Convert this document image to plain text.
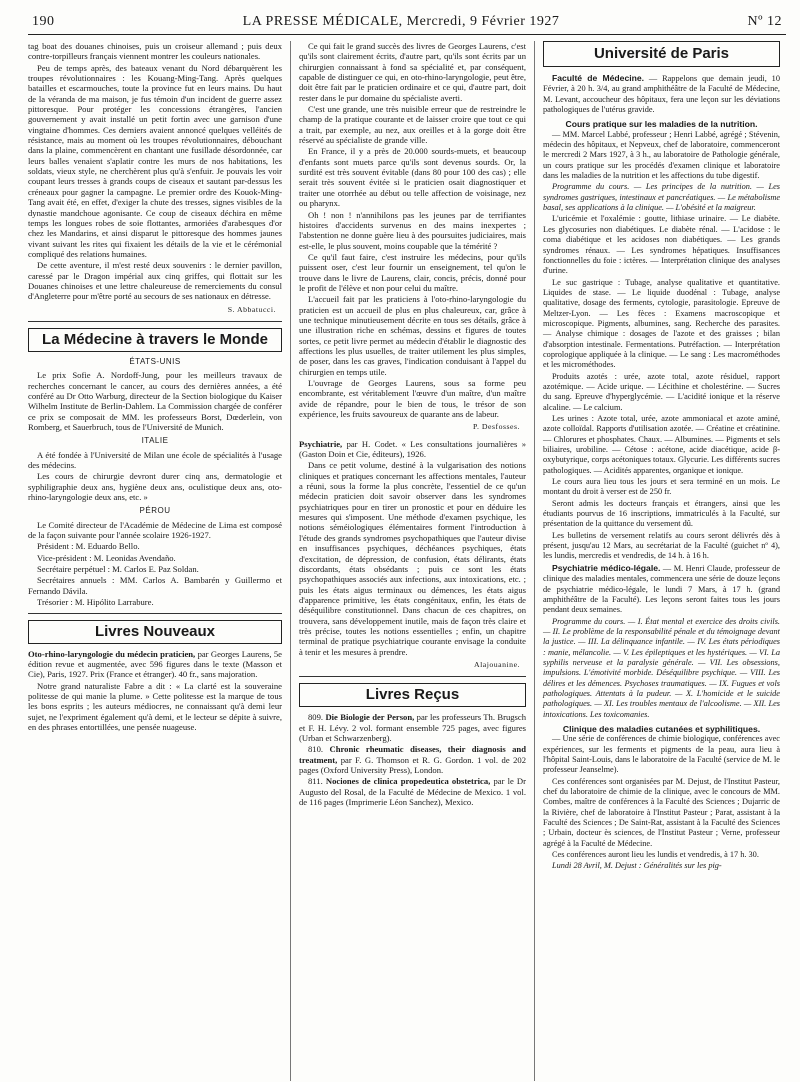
190	LA PRESSE MÉDICALE, Mercredi, 9 Février 1927	Nº 12

tag boat des douanes chinoises, puis un croiseur allemand ; puis deux contre-torpilleurs français viennent montrer les couleurs nationales.

Peu de temps après, des bateaux venant du Nord débarquèrent les troupes révolutionnaires : les Kouang-Ming-Tang. Après quelques batailles et escarmouches, toute la province fut en leurs mains. Du haut de la véranda de ma maison, je fus témoin d'un incident de guerre assez pittoresque. Pour protéger les concessions étrangères, l'ancien gouvernement y avait installé un petit fortin avec une garnison d'une vingtaine d'hommes. Ces derniers avaient annoncé quelques velléités de résistance, mais au moment où les troupes révolutionnaires, débouchant dans la plaine, commencèrent en chantant une fusillade désordonnée, car leurs balles venaient s'aplatir contre les murs de nos habitations, les soldats, vieux style, ne cherchèrent plus qu'à s'enfuir. Je pouvais les voir coupant leurs tresses à grands coups de ciseaux et sautant par-dessus les créneaux pour gagner la campagne. Le premier ordre des Kouok-Ming-Tang avait été, en effet, d'exiger la chute des tresses, signes visibles de la dynastie mandchoue agonisante. Ce coup de ciseaux déchira en même temps les longues robes de soie flottantes, armoriées d'arabesques d'or chez les Mandarins, et ainsi disparut le pittoresque des hommes jaunes vivant suivant les rites qui fixaient les détails de la vie et le cérémonial compliqué des relations humaines.

De cette aventure, il m'est resté deux souvenirs : le dernier pavillon, caressé par le Dragon impérial aux cinq griffes, qui flottait sur les Douanes chinoises et une lettre chaleureuse de remerciements du consul d'Angleterre pour m'être porté au secours de ses nationaux en détresse.

S. Abbatucci.
La Médecine à travers le Monde
ÉTATS-UNIS

Le prix Sofie A. Nordoff-Jung, pour les meilleurs travaux de recherches concernant le cancer, au cours des dernières années, a été conféré au Dr Otto Warburg, directeur de la Section biologique du Kaiser Wilhelm Institute de Berlin-Dahlem. La Commission chargée de conférer ce prix se composait de MM. les professeurs Borst, Dœderlein, von Romberg, et Sauerbruch, tous de l'Université de Munich.

ITALIE

A été fondée à l'Université de Milan une école de spécialités à l'usage des médecins.

Les cours de chirurgie devront durer cinq ans, dermatologie et syphiligraphie deux ans, hygiène deux ans, oculistique deux ans, oto-rhino-laryngologie deux ans, etc. »

PÉROU

Le Comité directeur de l'Académie de Médecine de Lima est composé de la façon suivante pour l'année scolaire 1926-1927.

Président : M. Eduardo Bello.

Vice-président : M. Leonidas Avendaño.

Secrétaire perpétuel : M. Carlos E. Paz Soldan.

Secrétaires annuels : MM. Carlos A. Bambarén y Guillermo et Fernando Dávila.

Trésorier : M. Hipólito Larrabure.

Livres Nouveaux

Oto-rhino-laryngologie du médecin praticien, par Georges Laurens, 5e édition revue et augmentée, avec 596 figures dans le texte (Masson et Cie), Paris, 1927. Prix (France et étranger). 40 fr., sans majoration.

Notre grand naturaliste Fabre a dit : « La clarté est la souveraine politesse de qui manie la plume. » Cette politesse est la marque de tous les bons esprits ; les auteurs médiocres, ne connaissant qu'à demi leur sujet, ne l'expriment également qu'à demi, et le lecteur se dépite à suivre, en des phrases entortillées, une pensée nuageuse.

Ce qui fait le grand succès des livres de Georges Laurens, c'est qu'ils sont clairement écrits, d'autre part, qu'ils sont écrits par un chirurgien connaissant à fond sa spécialité et, par conséquent, capable de distinguer ce qui, en oto-rhino-laryngologie, peut être, doit être fait par le praticien ordinaire et ce qui, d'autre part, doit rester dans le pur domaine du spécialiste averti.

C'est une grande, une très nuisible erreur que de restreindre le champ de la pratique courante et de laisser croire que tout ce qui a trait, par exemple, au nez, aux oreilles et à la gorge doit être réservé au spécialiste de grande ville.

En France, il y a près de 20.000 sourds-muets, et beaucoup d'enfants sont muets parce qu'ils sont devenus sourds. Or, la surdité est très souvent évitable (dans 80 pour 100 des cas) ; elle serait très souvent évitée si le praticien osait diagnostiquer et traiter une otorrhée au début ou telle affection de voisinage, nez ou pharynx.

Oh ! non ! n'annihilons pas les jeunes par de terrifiantes histoires d'accidents survenus en des mains inexpertes ; l'abstention ne donne guère lieu à des poursuites judiciaires, mais est-elle, le plus souvent, moins coupable que la témérité ?

Ce qu'il faut faire, c'est instruire les médecins, pour qu'ils puissent oser, c'est leur fournir un enseignement, tel qu'on le trouve dans le livre de Laurens, clair, concis, précis, donné pour le profit de l'élève et non pour celui du maître.

L'accueil fait par les praticiens à l'oto-rhino-laryngologie du praticien est un accueil de plus en plus chaleureux, car, grâce à une technique minutieusement décrite en tous ses détails, grâce à une illustration riche en schémas, dessins et figures de toutes sortes, ce petit livre permet au médecin d'établir le diagnostic des affections les plus usuelles, de traiter utilement les plus simples, de poser, dans les cas graves, l'indication conduisant à l'appel du chirurgien en temps utile.

L'ouvrage de Georges Laurens, sous sa forme peu encombrante, est véritablement l'œuvre d'un maître, d'un maître avide de répandre, pour le bien de tous, le trésor de son expérience, les fruits savoureux de quarante ans de labeur.

P. Desfosses.

Psychiatrie, par H. Codet. « Les consultations journalières » (Gaston Doin et Cie, éditeurs), 1926.

Dans ce petit volume, destiné à la vulgarisation des notions cliniques et pratiques concernant les affections mentales, l'auteur a réuni, sous la forme la plus concrète, l'essentiel de ce qu'un médecin praticien doit savoir observer dans les syndromes psychiatriques pour en tirer un pronostic et pour en déduire les mesures qui s'imposent. Une méthode d'examen psychique, les notions séméiologiques élémentaires forment l'introduction à l'étude des grands syndromes psychopathiques que l'auteur divise en insuffisances psychiques, déchéances psychiques, états d'excitation, de dépression, de confusion, états délirants, états discordants, états obsédants ; puis ce sont les états psychopathiques associés aux infections, aux intoxications, etc. ; puis les états aigus terminaux ou démences, les états aigus d'apparence primitive, les états congénitaux, enfin, les états de déséquilibre constitutionnel. Dans chacun de ces chapitres, on trouvera, sans développement inutile, mais de façon très claire et très précise, toutes les notions essentielles ; enfin, un chapitre terminal de pratique psychiatrique courante envisage la conduite à tenir et les mesures à prendre.

Alajouanine.
Livres Reçus

809. Die Biologie der Person, par les professeurs Th. Brugsch et F. H. Lévy. 2 vol. formant ensemble 725 pages, avec figures (Urban et Schwarzenberg).

810. Chronic rheumatic diseases, their diagnosis and treatment, par F. G. Thomson et R. G. Gordon. 1 vol. de 202 pages (Oxford University Press), London.

811. Nociones de clinica propedeutica obstetrica, par le Dr Augusto del Rosal, de la Faculté de Médecine de Mexico. 1 vol. de 116 pages (Imprimerie Léon Sanchez), Mexico.

Université de Paris

Faculté de Médecine. — Rappelons que demain jeudi, 10 Février, à 20 h. 3/4, au grand amphithéâtre de la Faculté de Médecine, M. Levant, accoucheur des hôpitaux, fera une leçon sur les déviations pathologiques de l'utérus gravide.

Cours pratique sur les maladies de la nutrition.

— MM. Marcel Labbé, professeur ; Henri Labbé, agrégé ; Stévenin, médecin des hôpitaux, et Nepveux, chef de laboratoire, commenceront le mercredi 2 Mars 1927, à 3 h., au laboratoire de Pathologie générale, un cours pratique sur les procédés d'examen clinique et laboratoire dans les maladies de la nutrition et les affections du tube digestif.

Programme du cours. — Les principes de la nutrition. — Les syndromes gastriques, intestinaux et pancréatiques. — Le métabolisme basal, ses applications à la clinique. — L'obésité et la maigreur.

L'uricémie et l'oxalémie : goutte, lithiase urinaire. — Le diabète. Les glycosuries non diabétiques. Le diabète rénal. — L'acidose : le coma diabétique et les acidoses non diabétiques. — Les grands syndromes rénaux. — Les syndromes hépatiques. Insuffisances fonctionnelles du foie : ictères. — Interprétation clinique des analyses d'urine.

Le suc gastrique : Tubage, analyse qualitative et quantitative. Liquides de stase. — Le liquide duodénal : Tubage, analyse qualitative, dosage des ferments, cytologie, parasitologie. Epreuve de Meltzer-Lyon. — Les fèces : Examens macroscopique et microscopique. Pigments, albumines, sang. Recherche des parasites. — Analyse chimique : dosages de l'azote et des graisses ; bilan d'absorption intestinale. Fermentations. Putréfaction. — Interprétation coprologique appliquée à la clinique. — Le sang : Les macrométhodes et les microméthodes.

Produits azotés : urée, azote total, azote résiduel, rapport azotémique. — Acide urique. — Lécithine et cholestérine. — Sucres du sang. Epreuve d'hyperglycémie. — L'acidité ionique et la réserve alcaline. — Le calcium.

Les urines : Azote total, urée, azote ammoniacal et azote aminé, azote colloïdal. Rapports d'utilisation azotée. — Créatine et créatinine. — Chlorures et phosphates. Chaux. — Albumines. — Pigments et sels biliaires, urobiline. — Cétose : acétone, acide diacétique, acide β-oxybutyrique, corps acétoniques totaux. Glycurie. Les différents sucres pathologiques. — Acidités apparentes, organique et ionique.

Le cours aura lieu tous les jours et sera terminé en un mois. Le montant du droit à verser est de 250 fr.

Seront admis les docteurs français et étrangers, ainsi que les étudiants pourvus de 16 inscriptions, immatriculés à la Faculté, sur présentation de la quittance du versement dû.

Les bulletins de versement relatifs au cours seront délivrés dès à présent, jusqu'au 12 Mars, au secrétariat de la Faculté (guichet nº 4), les lundis, mercredis et vendredis, de 14 h. à 16 h.

Psychiatrie médico-légale. — M. Henri Claude, professeur de clinique des maladies mentales, commencera une série de douze leçons de psychiatrie médico-légale, le lundi 7 Mars, à 17 h. (grand amphithéâtre de la Faculté). Les leçons seront faites tous les jours pendant deux semaines.

Programme du cours. — I. État mental et exercice des droits civils. — II. Le problème de la responsabilité pénale et du témoignage devant la justice. — III. La délinquance infantile. — IV. Les états périodiques : manie, mélancolie. — V. Les épileptiques et les hystériques. — VI. La syphilis nerveuse et la paralysie générale. — VII. Les obsessions, impulsions. L'émotivité morbide. Déséquilibre psychique. — VIII. Les délires et les démences. Psychoses traumatiques. — IX. Fugues et vols pathologiques. Attentats à la pudeur. — X. L'homicide et le suicide pathologiques. — XI. Les troubles mentaux de l'alcoolisme. — XII. Les intoxications. Les toxicomanies.

Clinique des maladies cutanées et syphilitiques.

— Une série de conférences de chimie biologique, conférences avec expériences, sur les ferments et pigments de la peau, aura lieu à l'hôpital Saint-Louis, dans le laboratoire de la Faculté (service de M. le professeur Jeanselme).

Ces conférences sont organisées par M. Dejust, de l'Institut Pasteur, chef du laboratoire de chimie de la clinique, avec le concours de MM. Combes, maître de conférences à la Faculté des Sciences ; Dujarric de la Rivière, chef de laboratoire à l'Institut Pasteur ; Parat, assistant à la Faculté des Sciences ; De Saint-Rat, assistant à la Faculté des Sciences ; Urbain, docteur ès sciences, de l'Institut Pasteur ; Verne, professeur agrégé à la Faculté de Médecine.

Ces conférences auront lieu les lundis et vendredis, à 17 h. 30.

Lundi 28 Avril, M. Dejust : Généralités sur les pig-
